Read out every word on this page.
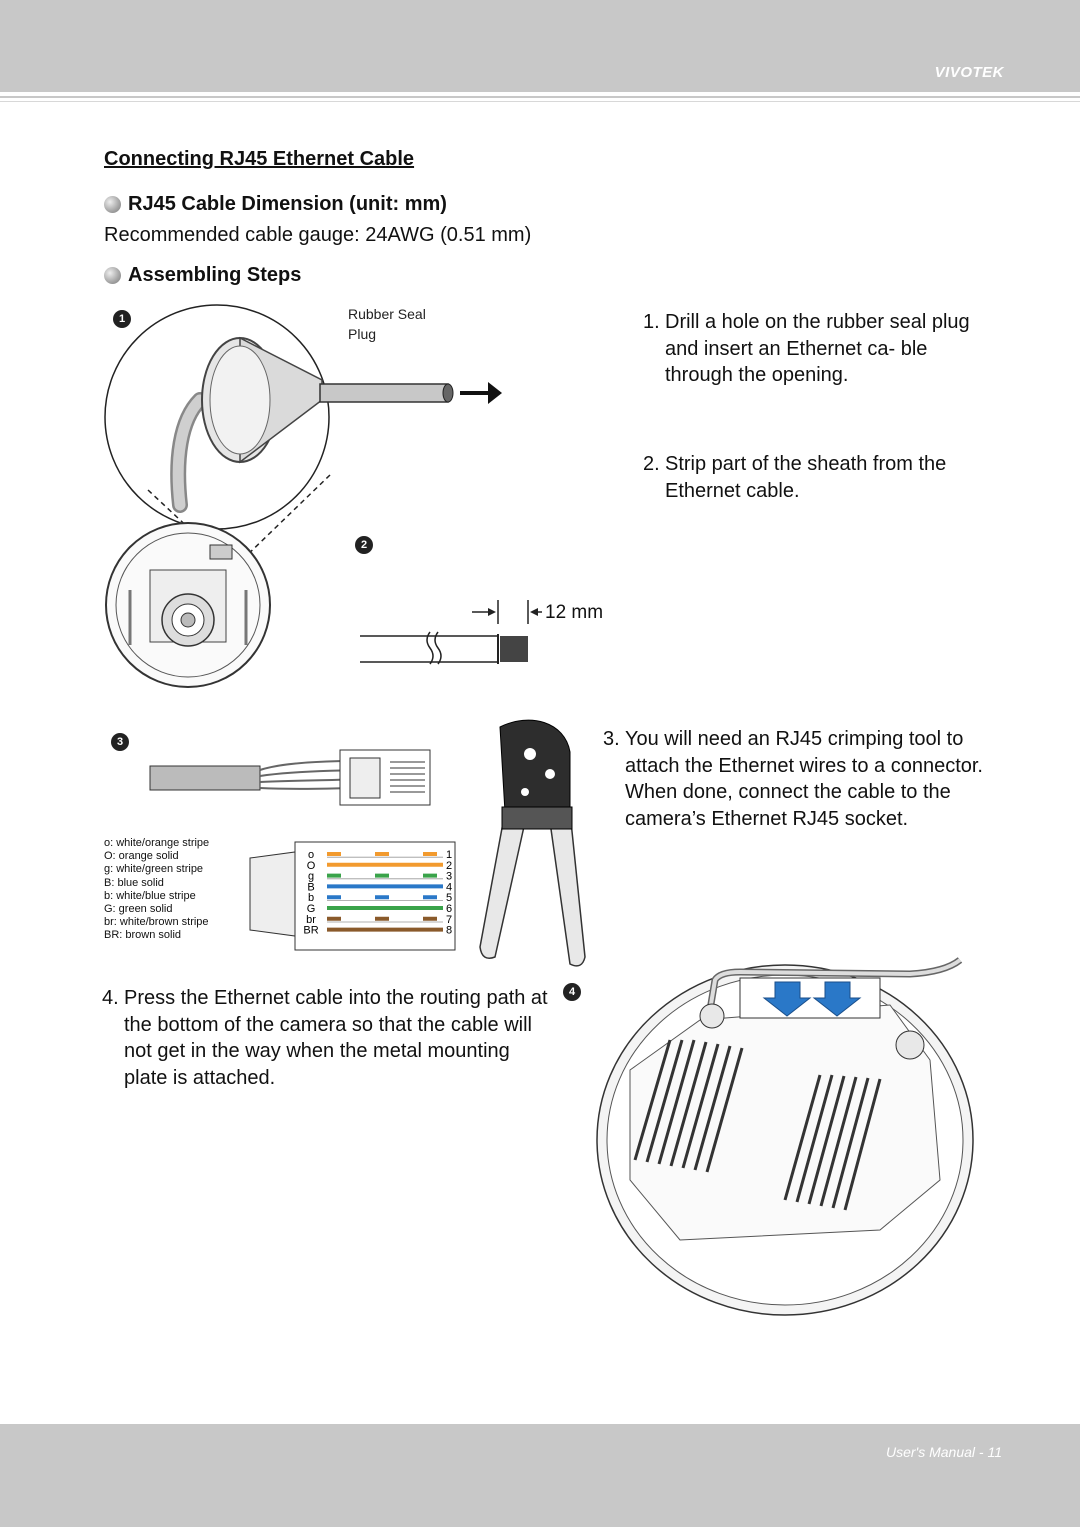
VIVOTEK
Connecting RJ45 Ethernet Cable
RJ45 Cable Dimension (unit: mm)
Recommended cable gauge: 24AWG (0.51 mm)
Assembling Steps
1
2
3
4
Rubber Seal
Plug
12 mm
1. Drill a hole on the rubber seal plug and insert an Ethernet ca- ble through the opening.
2. Strip part of the sheath from the Ethernet cable.
o: white/orange stripe
O: orange solid
g: white/green stripe
B: blue solid
b: white/blue stripe
G: green solid
br: white/brown stripe
BR: brown solid
o	1
O	2
g	3
B	4
b	5
G	6
br	7
BR	8
3. You will need an RJ45 crimping tool to attach the Ethernet wires to a connector. When done, connect the cable to the camera’s Ethernet RJ45 socket.
4. Press the Ethernet cable into the routing path at the bottom of the camera so that the cable will not get in the way when the metal mounting plate is attached.
User's Manual - 11
